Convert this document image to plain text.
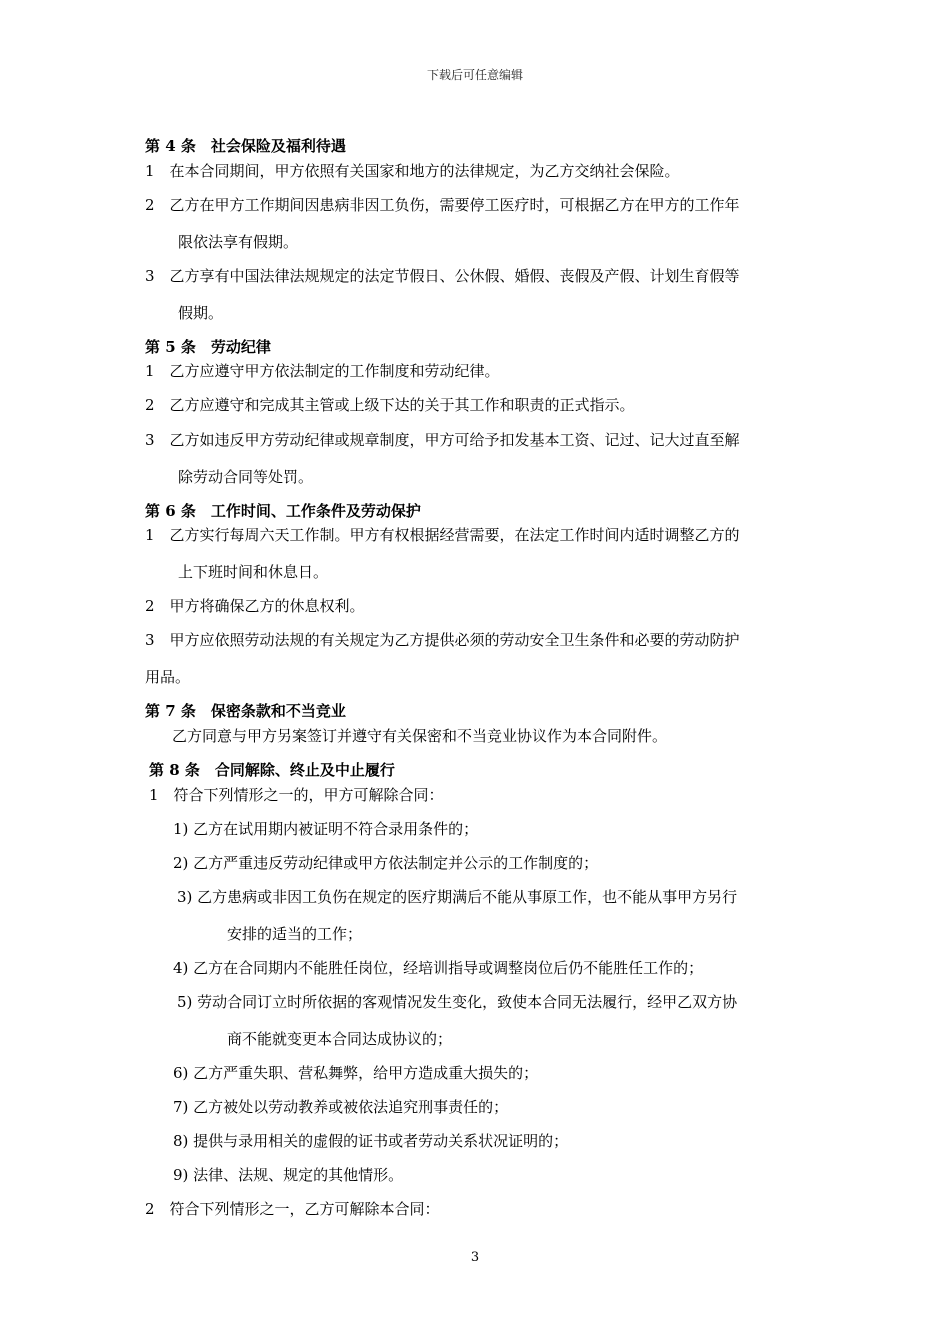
下载后可任意编辑
第 4 条　社会保险及福利待遇
1　在本合同期间，甲方依照有关国家和地方的法律规定，为乙方交纳社会保险。
2　乙方在甲方工作期间因患病非因工负伤，需要停工医疗时，可根据乙方在甲方的工作年
限依法享有假期。
3　乙方享有中国法律法规规定的法定节假日、公休假、婚假、丧假及产假、计划生育假等
假期。
第 5 条　劳动纪律
1　乙方应遵守甲方依法制定的工作制度和劳动纪律。
2　乙方应遵守和完成其主管或上级下达的关于其工作和职责的正式指示。
3　乙方如违反甲方劳动纪律或规章制度，甲方可给予扣发基本工资、记过、记大过直至解
除劳动合同等处罚。
第 6 条　工作时间、工作条件及劳动保护
1　乙方实行每周六天工作制。甲方有权根据经营需要，在法定工作时间内适时调整乙方的
上下班时间和休息日。
2　甲方将确保乙方的休息权利。
3　甲方应依照劳动法规的有关规定为乙方提供必须的劳动安全卫生条件和必要的劳动防护
用品。
第 7 条　保密条款和不当竞业
乙方同意与甲方另案签订并遵守有关保密和不当竞业协议作为本合同附件。
第 8 条　合同解除、终止及中止履行
1　符合下列情形之一的，甲方可解除合同：
1) 乙方在试用期内被证明不符合录用条件的；
2) 乙方严重违反劳动纪律或甲方依法制定并公示的工作制度的；
3) 乙方患病或非因工负伤在规定的医疗期满后不能从事原工作，也不能从事甲方另行
安排的适当的工作；
4) 乙方在合同期内不能胜任岗位，经培训指导或调整岗位后仍不能胜任工作的；
5) 劳动合同订立时所依据的客观情况发生变化，致使本合同无法履行，经甲乙双方协
商不能就变更本合同达成协议的；
6) 乙方严重失职、营私舞弊，给甲方造成重大损失的；
7) 乙方被处以劳动教养或被依法追究刑事责任的；
8) 提供与录用相关的虚假的证书或者劳动关系状况证明的；
9) 法律、法规、规定的其他情形。
2　符合下列情形之一，乙方可解除本合同：
3
